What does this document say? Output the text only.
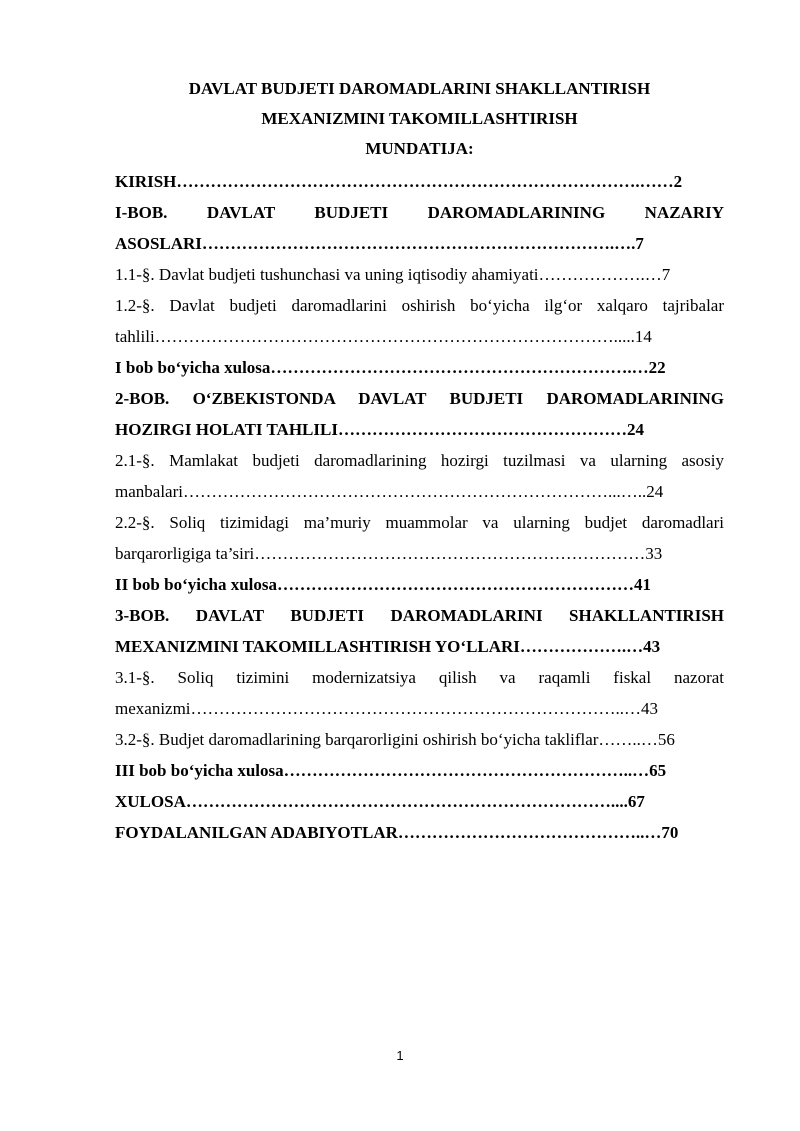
DAVLAT BUDJETI DAROMADLARINI SHAKLLANTIRISH
MEXANIZMINI TAKOMILLASHTIRISH
MUNDATIJA:
KIRISH……………………………………………………………………….……2
I-BOB. DAVLAT BUDJETI DAROMADLARINING NAZARIY
ASOSLARI……………………………………………………………….….7
1.1-§. Davlat budjeti tushunchasi va uning iqtisodiy ahamiyati……………….…7
1.2-§. Davlat budjeti daromadlarini oshirish bo‘yicha ilg‘or xalqaro tajribalar
tahlili……………………………………………………………………….....14
I bob bo‘yicha xulosa……………………………………………………….…22
2-BOB. O‘ZBEKISTONDA DAVLAT BUDJETI DAROMADLARINING
HOZIRGI HOLATI TAHLILI……………………………………………24
2.1-§. Mamlakat budjeti daromadlarining hozirgi tuzilmasi va ularning asosiy
manbalari…………………………………………………………………...…..24
2.2-§. Soliq tizimidagi ma’muriy muammolar va ularning budjet daromadlari
barqarorligiga ta’siri……………………………………………………………33
II bob bo‘yicha xulosa………………………………………………………41
3-BOB. DAVLAT BUDJETI DAROMADLARINI SHAKLLANTIRISH
MEXANIZMINI TAKOMILLASHTIRISH YO‘LLARI……………….…43
3.1-§. Soliq tizimini modernizatsiya qilish va raqamli fiskal nazorat
mexanizmi…………………………………………………………………..…43
3.2-§. Budjet daromadlarining barqarorligini oshirish bo‘yicha takliflar……..…56
III bob bo‘yicha xulosa……………………………………………………..…65
XULOSA…………………………………………………………………....67
FOYDALANILGAN ADABIYOTLAR……………………………………..…70
1
